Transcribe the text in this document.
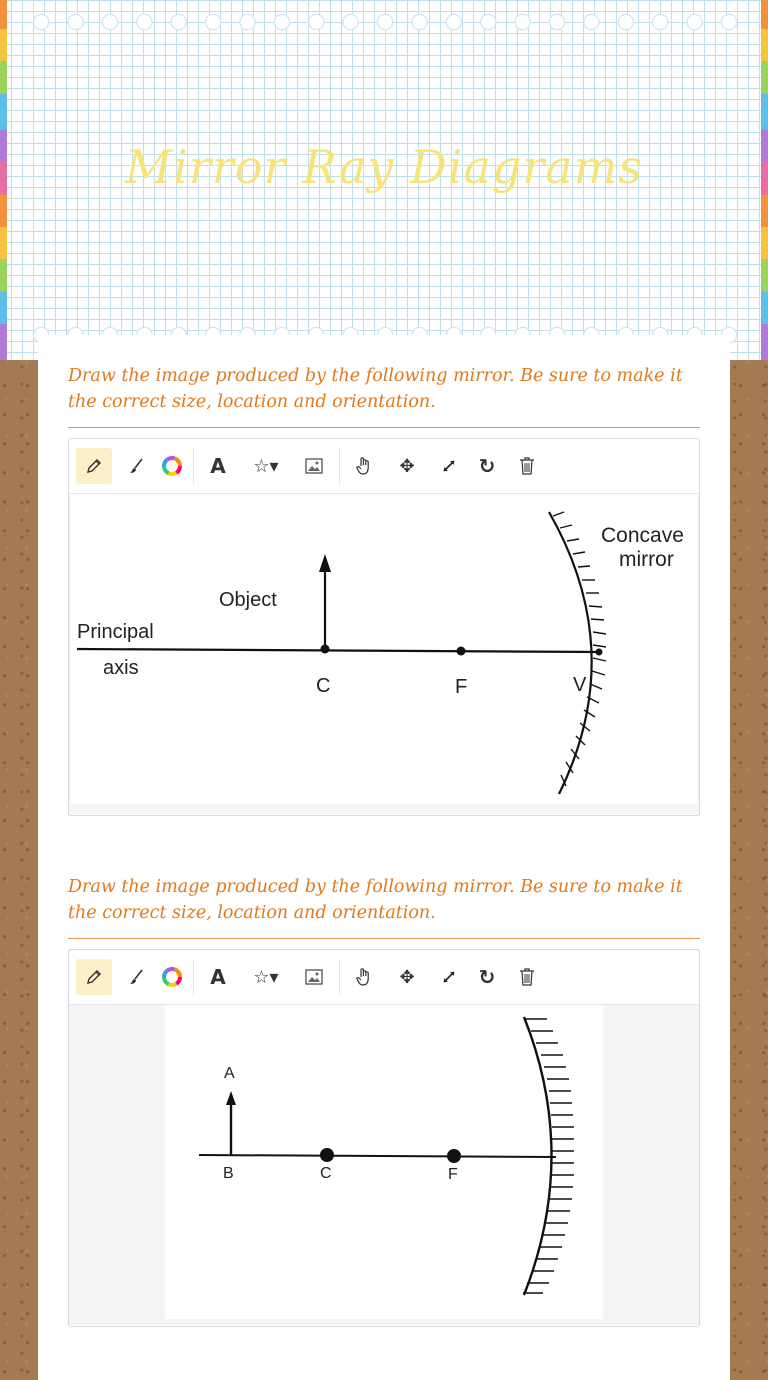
Mirror Ray Diagrams
Draw the image produced by the following mirror. Be sure to make it the correct size, location and orientation.
A	☆▾	✥	↻
Concave
mirror
Object
Principal
axis
C	F	V
Draw the image produced by the following mirror. Be sure to make it the correct size, location and orientation.
A	☆▾	✥	↻
A
B	C	F
